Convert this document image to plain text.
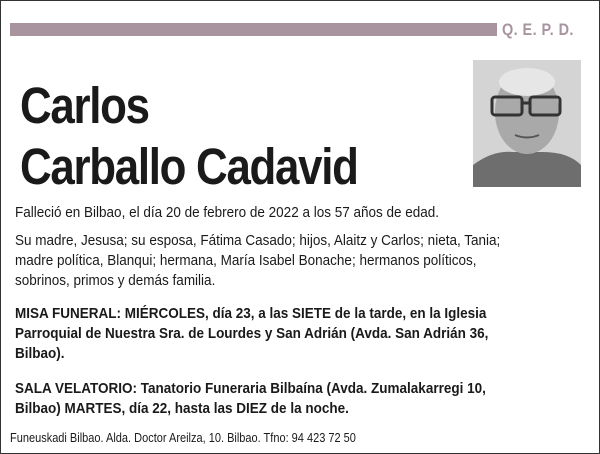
Q. E. P. D.
Carlos
Carballo Cadavid
Falleció en Bilbao, el día 20 de febrero de 2022 a los 57 años de edad.
Su madre, Jesusa; su esposa, Fátima Casado; hijos, Alaitz y Carlos; nieta, Tania;
madre política, Blanqui; hermana, María Isabel Bonache; hermanos políticos,
sobrinos, primos y demás familia.
MISA FUNERAL: MIÉRCOLES, día 23, a las SIETE de la tarde, en la Iglesia
Parroquial de Nuestra Sra. de Lourdes y San Adrián (Avda. San Adrián 36,
Bilbao).
SALA VELATORIO: Tanatorio Funeraria Bilbaína (Avda. Zumalakarregi 10,
Bilbao) MARTES, día 22, hasta las DIEZ de la noche.
Funeuskadi Bilbao. Alda. Doctor Areilza, 10. Bilbao. Tfno: 94 423 72 50
